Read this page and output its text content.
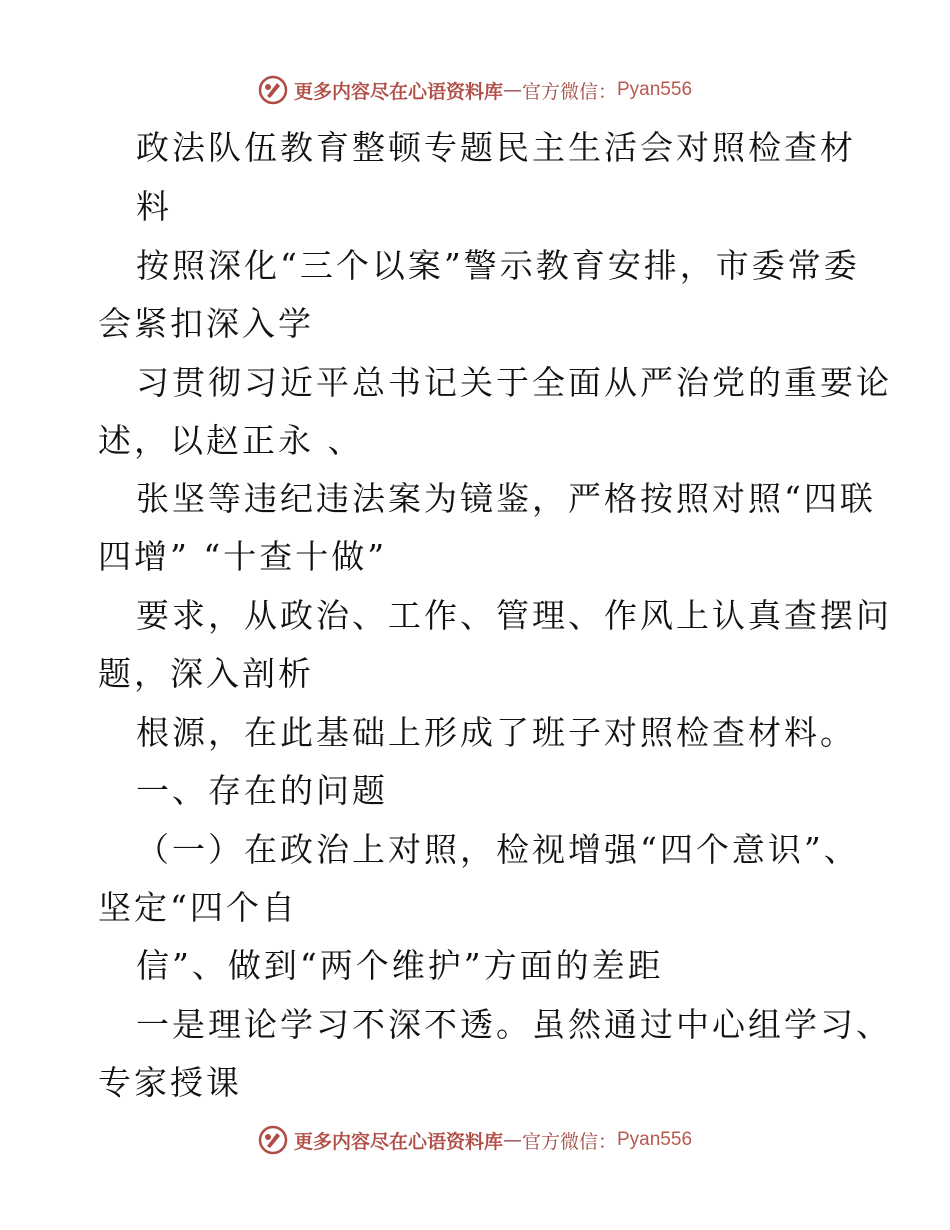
更多内容尽在心语资料库 — 官方微信： Pyan556
政法队伍教育整顿专题民主生活会对照检查材
料
按照深化“三个以案”警示教育安排，市委常委
会紧扣深入学
习贯彻习近平总书记关于全面从严治党的重要论
述，以赵正永 、
张坚等违纪违法案为镜鉴，严格按照对照“四联
四增” “十查十做”
要求，从政治、工作、管理、作风上认真查摆问
题，深入剖析
根源，在此基础上形成了班子对照检查材料。
一、存在的问题
（一）在政治上对照，检视增强“四个意识”、
坚定“四个自
信”、做到“两个维护”方面的差距
一是理论学习不深不透。虽然通过中心组学习、
专家授课
更多内容尽在心语资料库 — 官方微信： Pyan556
